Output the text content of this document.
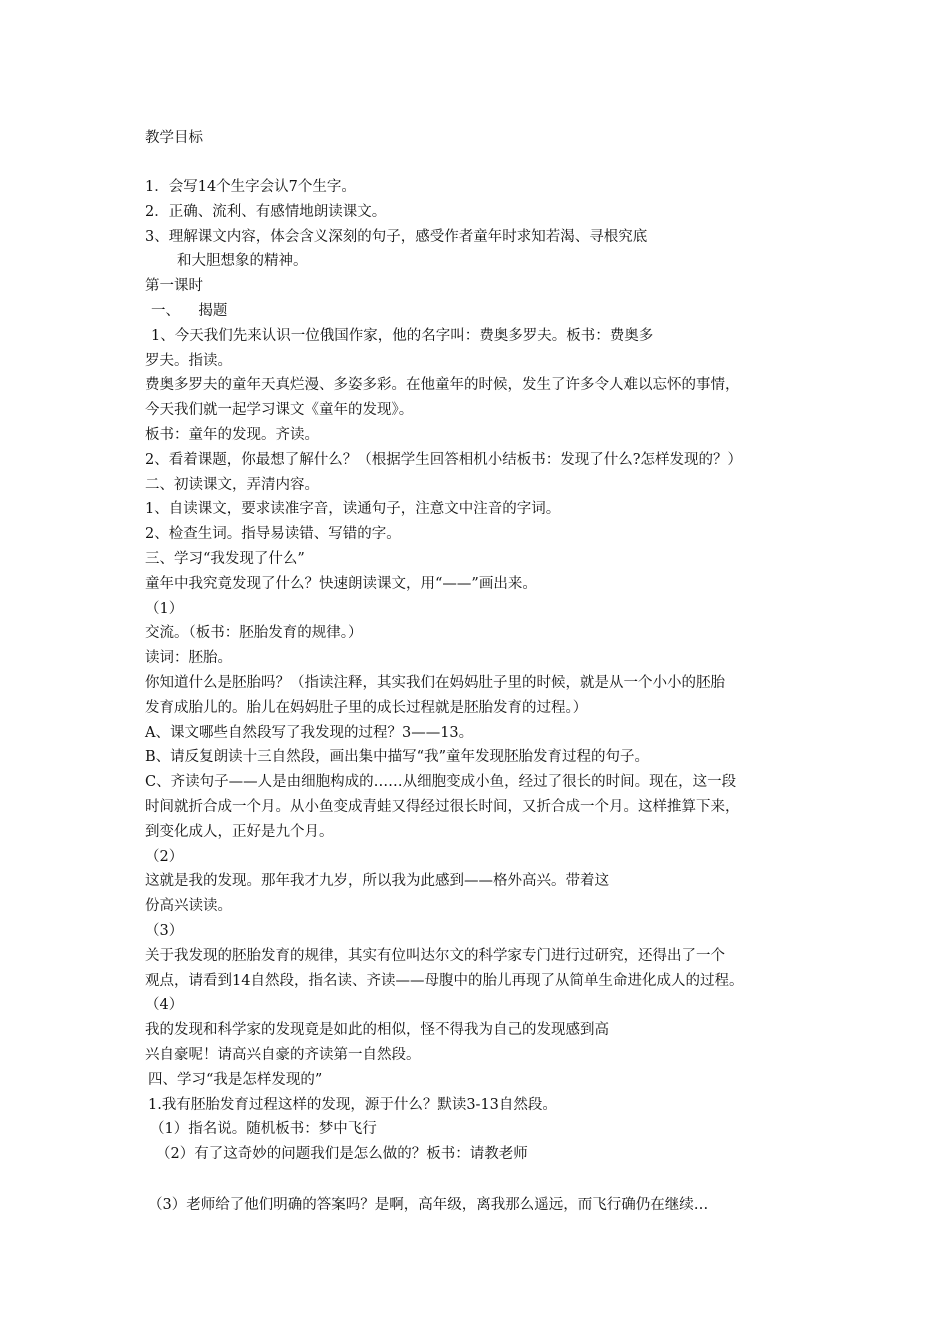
教学目标
1．会写14个生字会认7个生字。
2．正确、流利、有感情地朗读课文。
3、理解课文内容，体会含义深刻的句子，感受作者童年时求知若渴、寻根究底
和大胆想象的精神。
第一课时
一、    揭题
1、今天我们先来认识一位俄国作家，他的名字叫：费奥多罗夫。板书：费奥多
罗夫。指读。
费奥多罗夫的童年天真烂漫、多姿多彩。在他童年的时候，发生了许多令人难以忘怀的事情，
今天我们就一起学习课文《童年的发现》。
板书：童年的发现。齐读。
2、看着课题，你最想了解什么？（根据学生回答相机小结板书：发现了什么?怎样发现的？）
二、初读课文，弄清内容。
1、自读课文，要求读准字音，读通句子，注意文中注音的字词。
2、检查生词。指导易读错、写错的字。
三、学习“我发现了什么”
童年中我究竟发现了什么？快速朗读课文，用“——”画出来。
（1）
交流。（板书：胚胎发育的规律。）
读词：胚胎。
你知道什么是胚胎吗？（指读注释，其实我们在妈妈肚子里的时候，就是从一个小小的胚胎
发育成胎儿的。胎儿在妈妈肚子里的成长过程就是胚胎发育的过程。）
A、课文哪些自然段写了我发现的过程？3——13。
B、请反复朗读十三自然段，画出集中描写“我”童年发现胚胎发育过程的句子。
C、齐读句子——人是由细胞构成的……从细胞变成小鱼，经过了很长的时间。现在，这一段
时间就折合成一个月。从小鱼变成青蛙又得经过很长时间，又折合成一个月。这样推算下来，
到变化成人，正好是九个月。
（2）
这就是我的发现。那年我才九岁，所以我为此感到——格外高兴。带着这
份高兴读读。
（3）
关于我发现的胚胎发育的规律，其实有位叫达尔文的科学家专门进行过研究，还得出了一个
观点，请看到14自然段，指名读、齐读——母腹中的胎儿再现了从简单生命进化成人的过程。
（4）
我的发现和科学家的发现竟是如此的相似，怪不得我为自己的发现感到高
兴自豪呢！请高兴自豪的齐读第一自然段。
四、学习“我是怎样发现的”
1.我有胚胎发育过程这样的发现，源于什么？默读3-13自然段。
（1）指名说。随机板书：梦中飞行
（2）有了这奇妙的问题我们是怎么做的？板书：请教老师
（3）老师给了他们明确的答案吗？是啊，高年级，离我那么遥远，而飞行确仍在继续…
